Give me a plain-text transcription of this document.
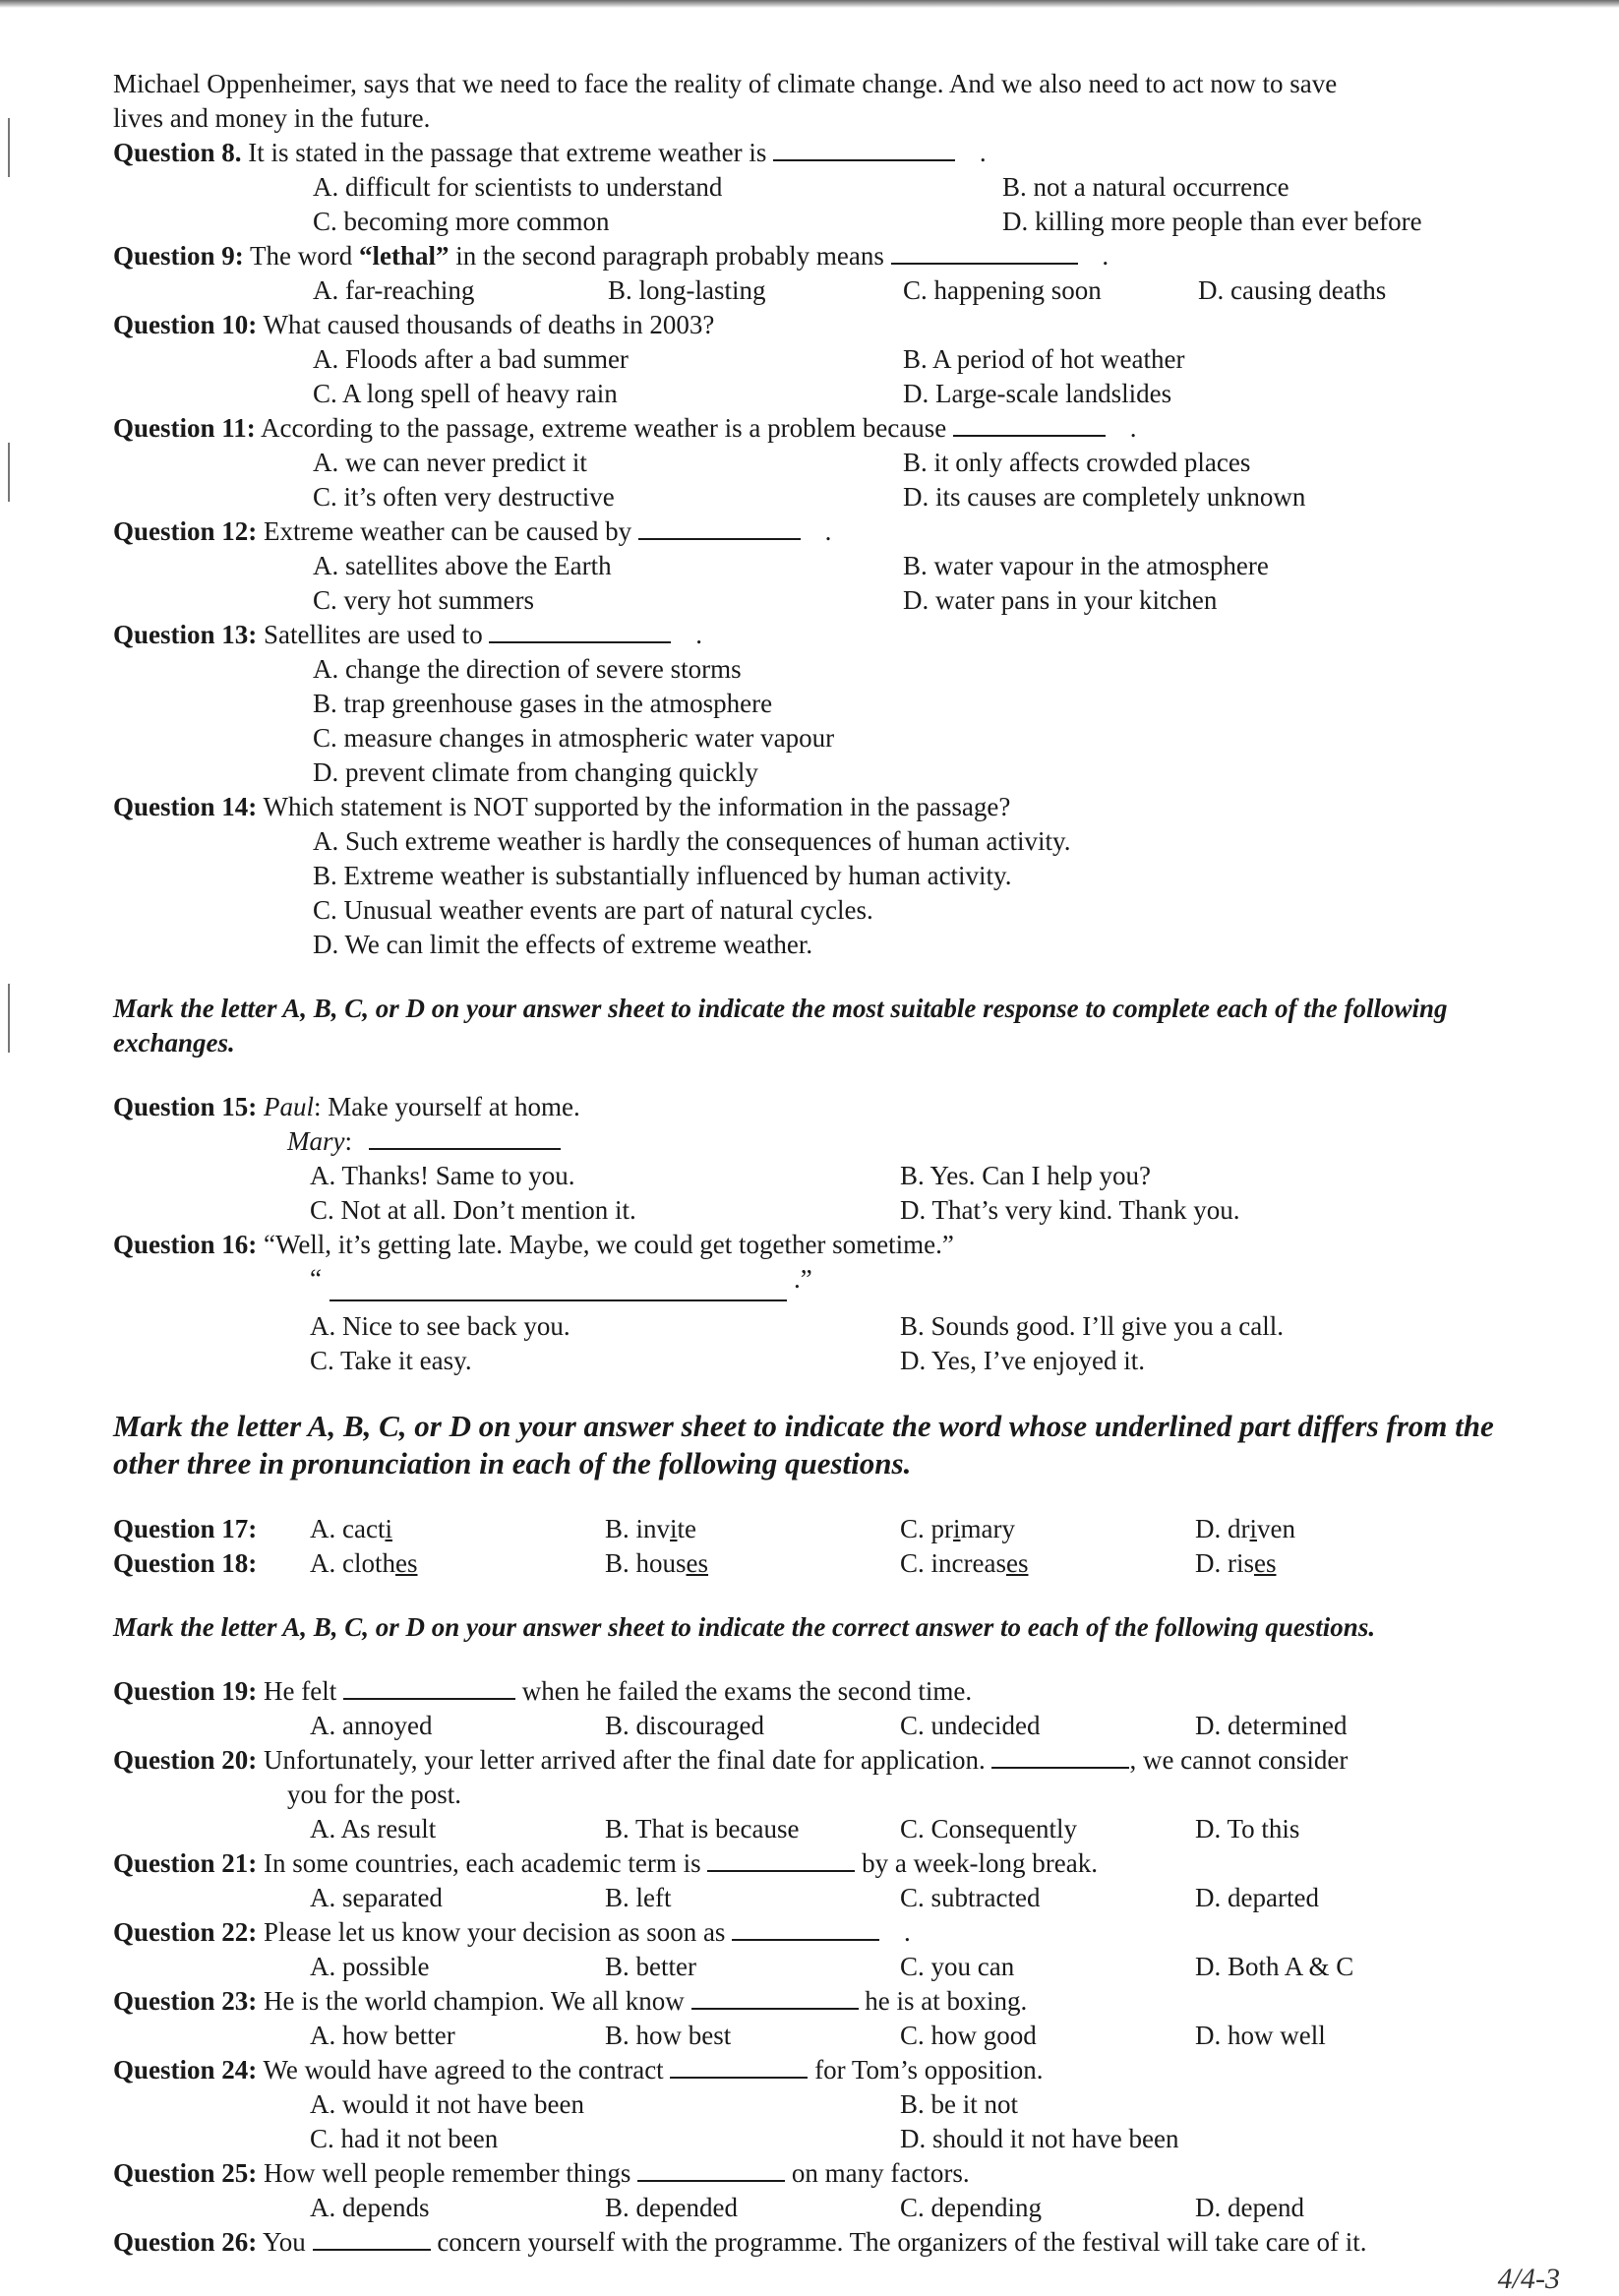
Michael Oppenheimer, says that we need to face the reality of climate change. And we also need to act now to save
lives and money in the future.
Question 8. It is stated in the passage that extreme weather is	.
A. difficult for scientists to understand	B. not a natural occurrence
C. becoming more common	D. killing more people than ever before
Question 9: The word “lethal” in the second paragraph probably means	.
A. far-reaching	B. long-lasting	C. happening soon	D. causing deaths
Question 10: What caused thousands of deaths in 2003?
A. Floods after a bad summer	B. A period of hot weather
C. A long spell of heavy rain	D. Large-scale landslides
Question 11: According to the passage, extreme weather is a problem because	.
A. we can never predict it	B. it only affects crowded places
C. it’s often very destructive	D. its causes are completely unknown
Question 12: Extreme weather can be caused by	.
A. satellites above the Earth	B. water vapour in the atmosphere
C. very hot summers	D. water pans in your kitchen
Question 13: Satellites are used to	.
A. change the direction of severe storms
B. trap greenhouse gases in the atmosphere
C. measure changes in atmospheric water vapour
D. prevent climate from changing quickly
Question 14: Which statement is NOT supported by the information in the passage?
A. Such extreme weather is hardly the consequences of human activity.
B. Extreme weather is substantially influenced by human activity.
C. Unusual weather events are part of natural cycles.
D. We can limit the effects of extreme weather.
Mark the letter A, B, C, or D on your answer sheet to indicate the most suitable response to complete each of the following exchanges.
Question 15: Paul: Make yourself at home.
Mary:
A. Thanks! Same to you.	B. Yes. Can I help you?
C. Not at all. Don’t mention it.	D. That’s very kind. Thank you.
Question 16: “Well, it’s getting late. Maybe, we could get together sometime.”
“	.”
A. Nice to see back you.	B. Sounds good. I’ll give you a call.
C. Take it easy.	D. Yes, I’ve enjoyed it.
Mark the letter A, B, C, or D on your answer sheet to indicate the word whose underlined part differs from the other three in pronunciation in each of the following questions.
Question 17: A. cacti	B. invite	C. primary	D. driven
Question 18: A. clothes	B. houses	C. increases	D. rises
Mark the letter A, B, C, or D on your answer sheet to indicate the correct answer to each of the following questions.
Question 19: He felt	when he failed the exams the second time.
A. annoyed	B. discouraged	C. undecided	D. determined
Question 20: Unfortunately, your letter arrived after the final date for application.	, we cannot consider
you for the post.
A. As result	B. That is because	C. Consequently	D. To this
Question 21: In some countries, each academic term is	by a week-long break.
A. separated	B. left	C. subtracted	D. departed
Question 22: Please let us know your decision as soon as	.
A. possible	B. better	C. you can	D. Both A & C
Question 23: He is the world champion. We all know	he is at boxing.
A. how better	B. how best	C. how good	D. how well
Question 24: We would have agreed to the contract	for Tom’s opposition.
A. would it not have been	B. be it not
C. had it not been	D. should it not have been
Question 25: How well people remember things	on many factors.
A. depends	B. depended	C. depending	D. depend
Question 26: You	concern yourself with the programme. The organizers of the festival will take care of it.
4/4-3
